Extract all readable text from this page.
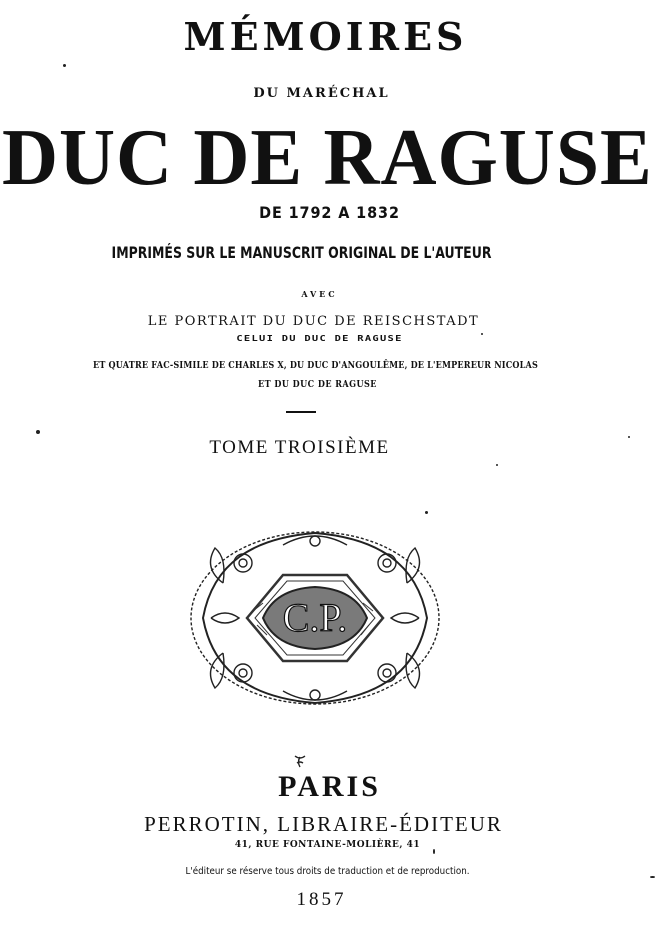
MÉMOIRES
DU MARÉCHAL
DUC DE RAGUSE
DE 1792 A 1832
IMPRIMÉS SUR LE MANUSCRIT ORIGINAL DE L'AUTEUR
AVEC
LE PORTRAIT DU DUC DE REISCHSTADT
CELUI DU DUC DE RAGUSE
ET QUATRE FAC-SIMILE DE CHARLES X, DU DUC D'ANGOULÊME, DE L'EMPEREUR NICOLAS
ET DU DUC DE RAGUSE
TOME TROISIÈME
C.P.
PARIS
PERROTIN, LIBRAIRE-ÉDITEUR
41, RUE FONTAINE-MOLIÈRE, 41
L'éditeur se réserve tous droits de traduction et de reproduction.
1857
